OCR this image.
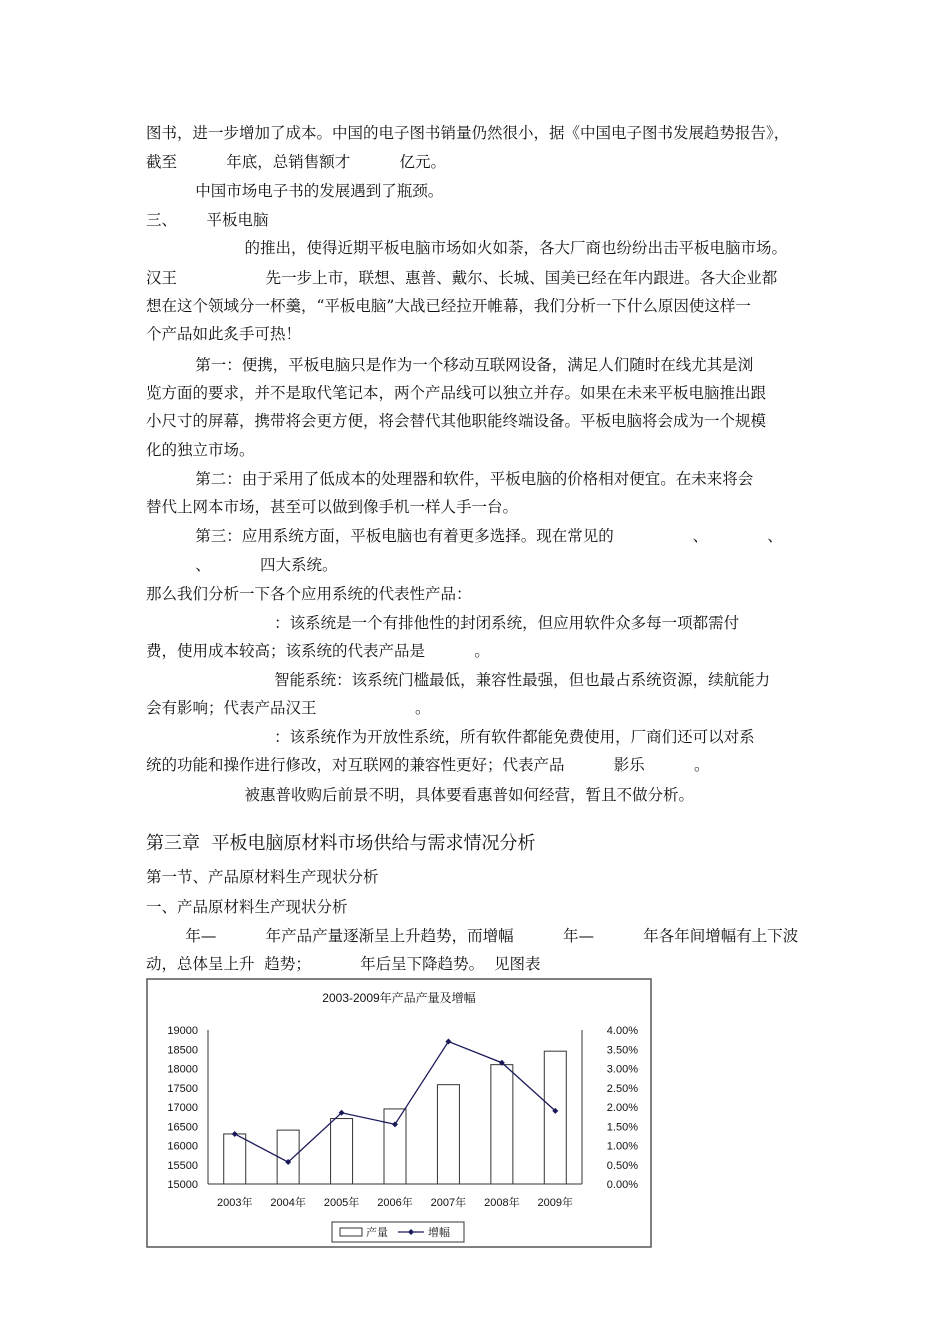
图书，进一步增加了成本。中国的电子图书销量仍然很小，据《中国电子图书发展趋势报告》，
截至          年底，总销售额才          亿元。
中国市场电子书的发展遇到了瓶颈。
三、      平板电脑
的推出，使得近期平板电脑市场如火如荼，各大厂商也纷纷出击平板电脑市场。
汉王                  先一步上市，联想、惠普、戴尔、长城、国美已经在年内跟进。各大企业都
想在这个领域分一杯羹，“平板电脑”大战已经拉开帷幕，我们分析一下什么原因使这样一
个产品如此炙手可热！
第一：便携，平板电脑只是作为一个移动互联网设备，满足人们随时在线尤其是浏
览方面的要求，并不是取代笔记本，两个产品线可以独立并存。如果在未来平板电脑推出跟
小尺寸的屏幕，携带将会更方便，将会替代其他职能终端设备。平板电脑将会成为一个规模
化的独立市场。
第二：由于采用了低成本的处理器和软件，平板电脑的价格相对便宜。在未来将会
替代上网本市场，甚至可以做到像手机一样人手一台。
第三：应用系统方面，平板电脑也有着更多选择。现在常见的                、            、
、          四大系统。
那么我们分析一下各个应用系统的代表性产品：
：该系统是一个有排他性的封闭系统，但应用软件众多每一项都需付
费，使用成本较高；该系统的代表产品是          。
智能系统：该系统门槛最低，兼容性最强，但也最占系统资源，续航能力
会有影响；代表产品汉王                    。
：该系统作为开放性系统，所有软件都能免费使用，厂商们还可以对系
统的功能和操作进行修改，对互联网的兼容性更好；代表产品          影乐          。
被惠普收购后前景不明，具体要看惠普如何经营，暂且不做分析。
第三章  平板电脑原材料市场供给与需求情况分析
第一节、产品原材料生产现状分析
一、产品原材料生产现状分析
年—          年产品产量逐渐呈上升趋势，而增幅          年—          年各年间增幅有上下波
动，总体呈上升  趋势；          年后呈下降趋势。  见图表
2003-2009年产品产量及增幅
15000
15500
16000
16500
17000
17500
18000
18500
19000
0.00%
0.50%
1.00%
1.50%
2.00%
2.50%
3.00%
3.50%
4.00%
2003年 2004年 2005年 2006年 2007年 2008年 2009年
产量	增幅
